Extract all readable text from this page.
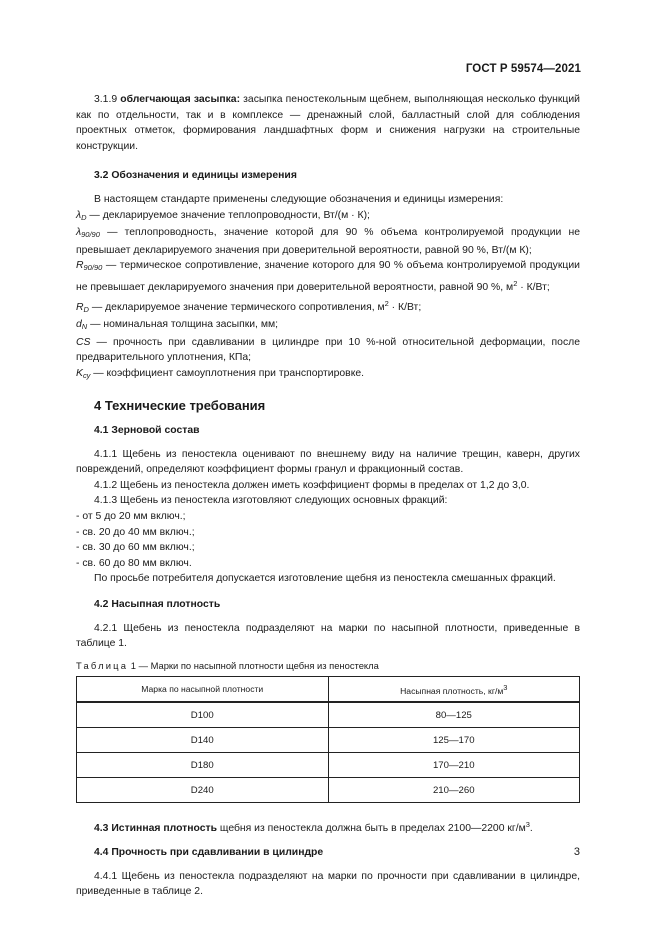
ГОСТ Р 59574—2021

3.1.9 облегчающая засыпка: засыпка пеностекольным щебнем, выполняющая несколько функций как по отдельности, так и в комплексе — дренажный слой, балластный слой для соблюдения проектных отметок, формирования ландшафтных форм и снижения нагрузки на строительные конструкции.

3.2 Обозначения и единицы измерения

В настоящем стандарте применены следующие обозначения и единицы измерения:

$\lambda_D$ — декларируемое значение теплопроводности, Вт/(м · К);

$\lambda_{90/90}$ — теплопроводность, значение которой для 90 % объема контролируемой продукции не превышает декларируемого значения при доверительной вероятности, равной 90 %, Вт/(м К);

$R_{90/90}$ — термическое сопротивление, значение которого для 90 % объема контролируемой продукции не превышает декларируемого значения при доверительной вероятности, равной 90 %, $м^2 \cdot К/Вт$;

$R_D$ — декларируемое значение термического сопротивления, $м^2 \cdot К/Вт$;

$d_N$ — номинальная толщина засыпки, мм;

CS — прочность при сдавливании в цилиндре при 10 %-ной относительной деформации, после предварительного уплотнения, КПа;

$K_{су}$ — коэффициент самоуплотнения при транспортировке.

4 Технические требования

4.1 Зерновой состав

4.1.1 Щебень из пеностекла оценивают по внешнему виду на наличие трещин, каверн, других повреждений, определяют коэффициент формы гранул и фракционный состав.

4.1.2 Щебень из пеностекла должен иметь коэффициент формы в пределах от 1,2 до 3,0.

4.1.3 Щебень из пеностекла изготовляют следующих основных фракций:

- от 5 до 20 мм включ.;

- св. 20 до 40 мм включ.;

- св. 30 до 60 мм включ.;

- св. 60 до 80 мм включ.

По просьбе потребителя допускается изготовление щебня из пеностекла смешанных фракций.

4.2 Насыпная плотность

4.2.1 Щебень из пеностекла подразделяют на марки по насыпной плотности, приведенные в таблице 1.

Таблица 1 — Марки по насыпной плотности щебня из пеностекла

Марка по насыпной плотности	Насыпная плотность, кг/м3
D100	80—125
D140	125—170
D180	170—210
D240	210—260

4.3 Истинная плотность щебня из пеностекла должна быть в пределах 2100—2200 $кг/м^3$.

4.4 Прочность при сдавливании в цилиндре

4.4.1 Щебень из пеностекла подразделяют на марки по прочности при сдавливании в цилиндре, приведенные в таблице 2.

3
